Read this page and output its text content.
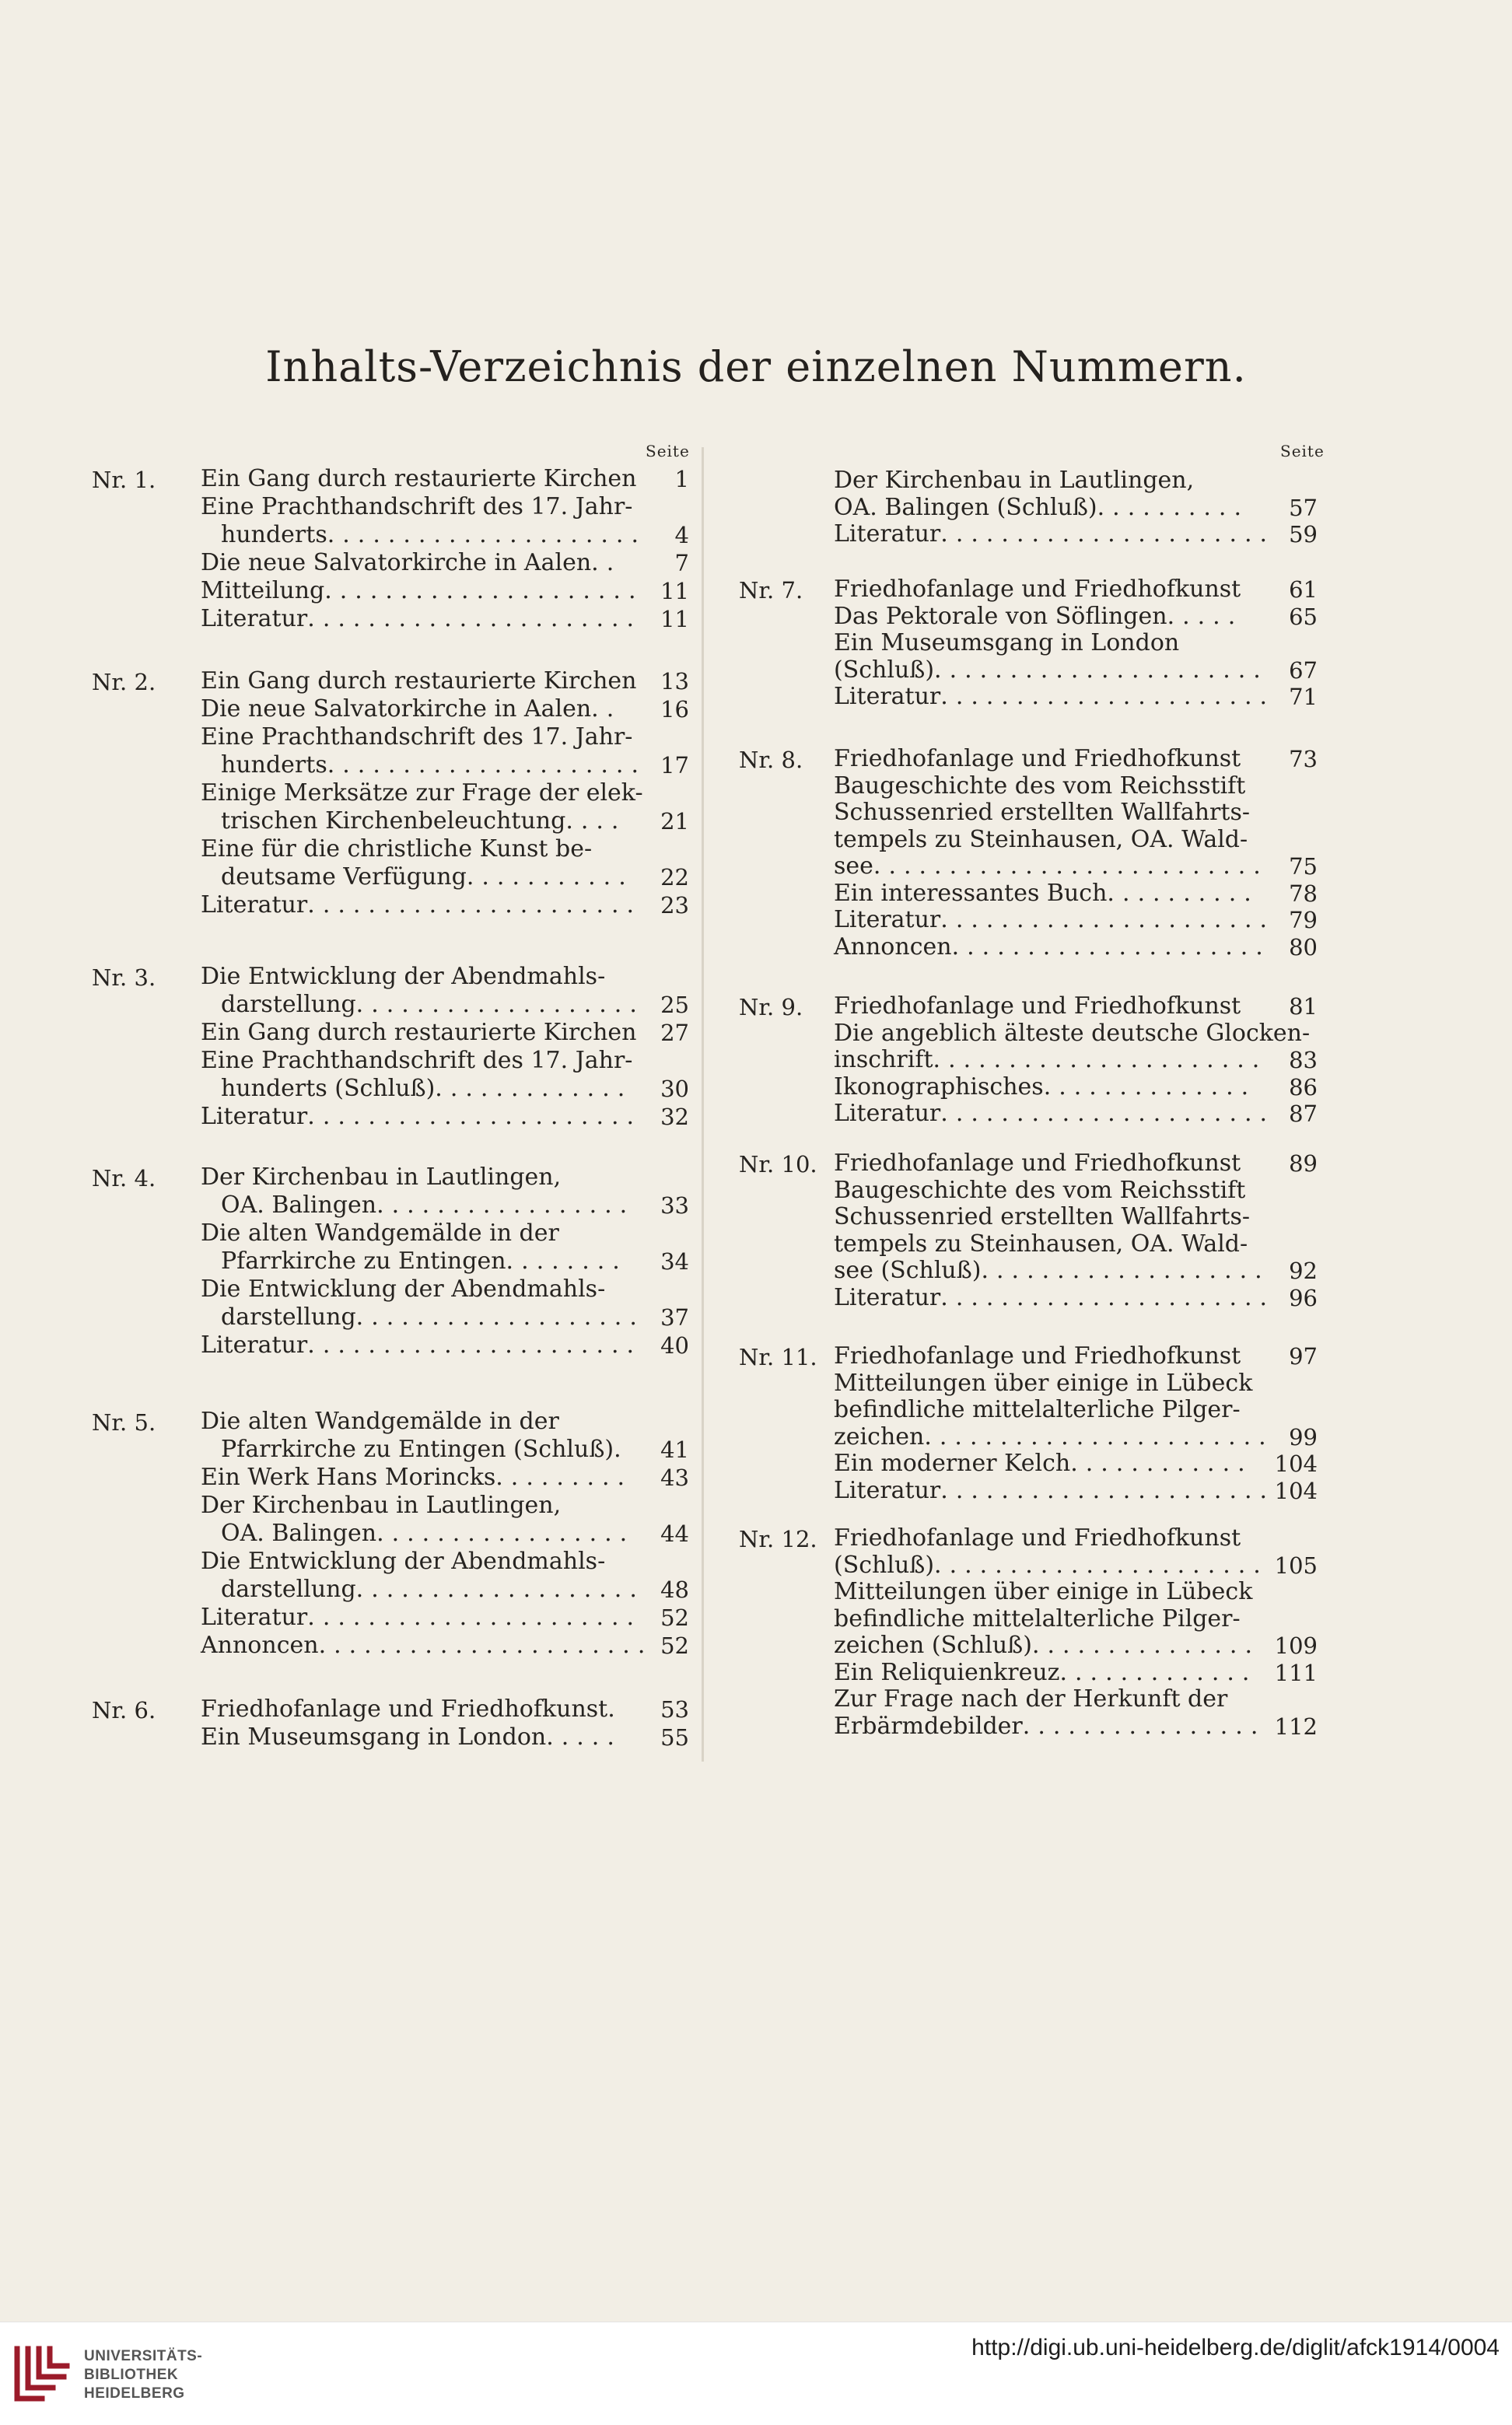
Inhalts-Verzeichnis der einzelnen Nummern.
Seite	Seite
Nr. 1. Ein Gang durch restaurierte Kirchen	1
Eine Prachthandschrift des 17. Jahr-
hunderts.....................	4
Die neue Salvatorkirche in Aalen..	7
Mitteilung..................... 11
Literatur...................... 11
Nr. 2. Ein Gang durch restaurierte Kirchen	13
Die neue Salvatorkirche in Aalen..	16
Eine Prachthandschrift des 17. Jahr-
hunderts..................... 17
Einige Merksätze zur Frage der elek-
trischen Kirchenbeleuchtung....	21
Eine für die christliche Kunst be-
deutsame Verfügung...........	22
Literatur...................... 23
Nr. 3. Die Entwicklung der Abendmahls-
darstellung................... 25
Ein Gang durch restaurierte Kirchen	27
Eine Prachthandschrift des 17. Jahr-
hunderts (Schluß).............	30
Literatur...................... 32
Nr. 4. Der Kirchenbau in Lautlingen,
OA. Balingen.................	33
Die alten Wandgemälde in der
Pfarrkirche zu Entingen........	34
Die Entwicklung der Abendmahls-
darstellung................... 37
Literatur...................... 40
Nr. 5. Die alten Wandgemälde in der
Pfarrkirche zu Entingen (Schluß).	41
Ein Werk Hans Morincks.........	43
Der Kirchenbau in Lautlingen,
OA. Balingen.................	44
Die Entwicklung der Abendmahls-
darstellung................... 48
Literatur...................... 52
Annoncen...................... 52
Nr. 6. Friedhofanlage und Friedhofkunst.	53
Ein Museumsgang in London.....	55
Der Kirchenbau in Lautlingen,
OA. Balingen (Schluß)..........	57
Literatur...................... 59
Nr. 7. Friedhofanlage und Friedhofkunst	61
Das Pektorale von Söflingen.....	65
Ein Museumsgang in London
(Schluß)...................... 67
Literatur...................... 71
Nr. 8. Friedhofanlage und Friedhofkunst	73
Baugeschichte des vom Reichsstift
Schussenried erstellten Wallfahrts-
tempels zu Steinhausen, OA. Wald-
see.......................... 75
Ein interessantes Buch..........	78
Literatur...................... 79
Annoncen..................... 80
Nr. 9. Friedhofanlage und Friedhofkunst	81
Die angeblich älteste deutsche Glocken-
inschrift...................... 83
Ikonographisches..............	86
Literatur...................... 87
Nr. 10. Friedhofanlage und Friedhofkunst	89
Baugeschichte des vom Reichsstift
Schussenried erstellten Wallfahrts-
tempels zu Steinhausen, OA. Wald-
see (Schluß)................... 92
Literatur...................... 96
Nr. 11. Friedhofanlage und Friedhofkunst	97
Mitteilungen über einige in Lübeck
befindliche mittelalterliche Pilger-
zeichen....................... 99
Ein moderner Kelch............ 104
Literatur...................... 104
Nr. 12. Friedhofanlage und Friedhofkunst
(Schluß)...................... 105
Mitteilungen über einige in Lübeck
befindliche mittelalterliche Pilger-
zeichen (Schluß)............... 109
Ein Reliquienkreuz............. 111
Zur Frage nach der Herkunft der
Erbärmdebilder................ 112
UNIVERSITÄTS-
BIBLIOTHEK
HEIDELBERG
http://digi.ub.uni-heidelberg.de/diglit/afck1914/0004
